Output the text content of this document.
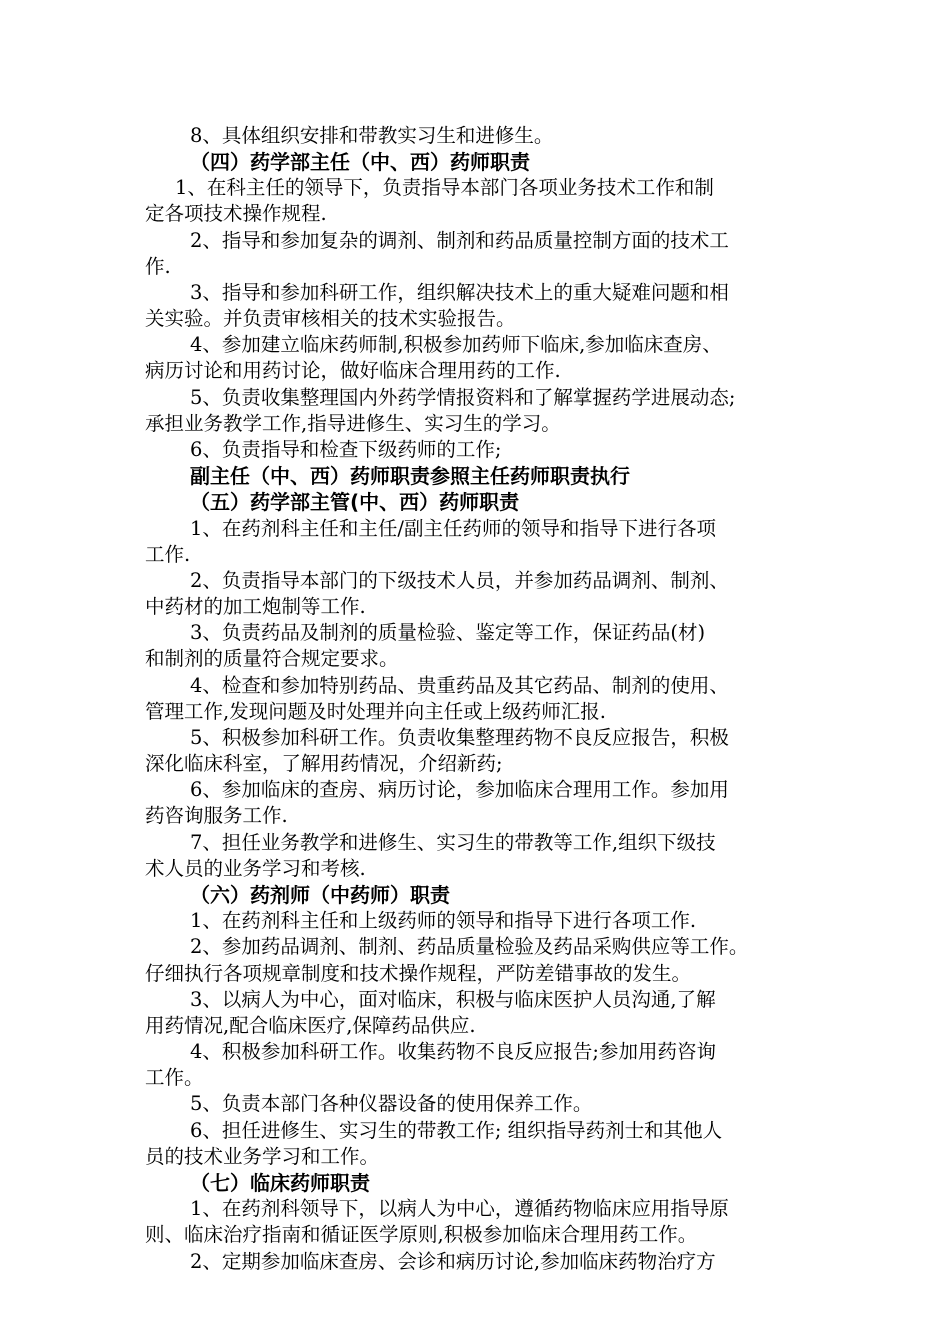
8、具体组织安排和带教实习生和进修生。
（四）药学部主任（中、西）药师职责
1、在科主任的领导下，负责指导本部门各项业务技术工作和制
定各项技术操作规程.
2、指导和参加复杂的调剂、制剂和药品质量控制方面的技术工
作.
3、指导和参加科研工作，组织解决技术上的重大疑难问题和相
关实验。并负责审核相关的技术实验报告。
4、参加建立临床药师制,积极参加药师下临床,参加临床查房、
病历讨论和用药讨论，做好临床合理用药的工作.
5、负责收集整理国内外药学情报资料和了解掌握药学进展动态;
承担业务教学工作,指导进修生、实习生的学习。
6、负责指导和检查下级药师的工作;
副主任（中、西）药师职责参照主任药师职责执行
（五）药学部主管(中、西）药师职责
1、在药剂科主任和主任/副主任药师的领导和指导下进行各项
工作.
2、负责指导本部门的下级技术人员，并参加药品调剂、制剂、
中药材的加工炮制等工作.
3、负责药品及制剂的质量检验、鉴定等工作，保证药品(材)
和制剂的质量符合规定要求。
4、检查和参加特别药品、贵重药品及其它药品、制剂的使用、
管理工作,发现问题及时处理并向主任或上级药师汇报.
5、积极参加科研工作。负责收集整理药物不良反应报告，积极
深化临床科室，了解用药情况，介绍新药;
6、参加临床的查房、病历讨论，参加临床合理用工作。参加用
药咨询服务工作.
7、担任业务教学和进修生、实习生的带教等工作,组织下级技
术人员的业务学习和考核.
（六）药剂师（中药师）职责
1、在药剂科主任和上级药师的领导和指导下进行各项工作.
2、参加药品调剂、制剂、药品质量检验及药品采购供应等工作。
仔细执行各项规章制度和技术操作规程，严防差错事故的发生。
3、以病人为中心，面对临床，积极与临床医护人员沟通,了解
用药情况,配合临床医疗,保障药品供应.
4、积极参加科研工作。收集药物不良反应报告;参加用药咨询
工作。
5、负责本部门各种仪器设备的使用保养工作。
6、担任进修生、实习生的带教工作; 组织指导药剂士和其他人
员的技术业务学习和工作。
（七）临床药师职责
1、在药剂科领导下，以病人为中心，遵循药物临床应用指导原
则、临床治疗指南和循证医学原则,积极参加临床合理用药工作。
2、定期参加临床查房、会诊和病历讨论,参加临床药物治疗方
